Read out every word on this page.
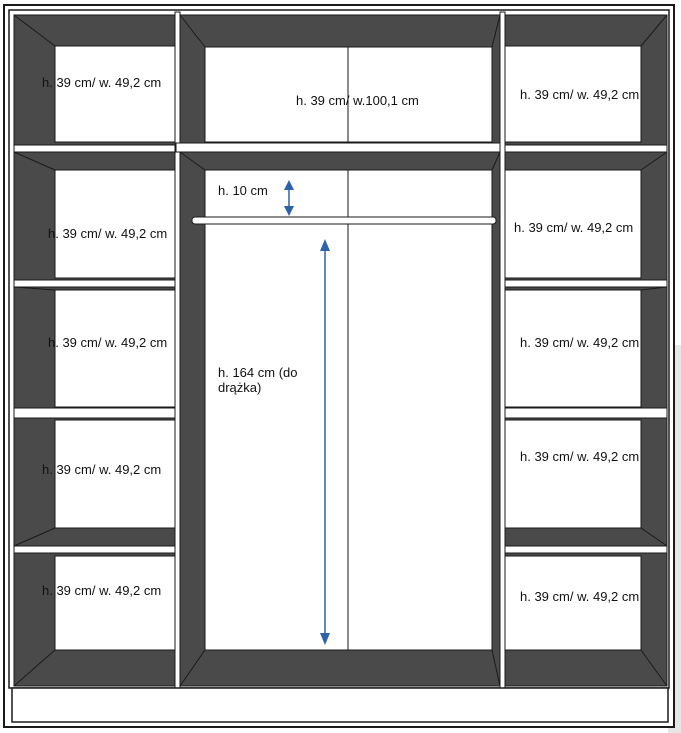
h. 39 cm/ w. 49,2 cm
h. 39 cm/ w. 49,2 cm
h. 39 cm/ w. 49,2 cm
h. 39 cm/ w. 49,2 cm
h. 39 cm/ w. 49,2 cm
h. 39 cm/ w.100,1 cm
h. 10 cm
h. 164 cm (do drążka)
h. 39 cm/ w. 49,2 cm
h. 39 cm/ w. 49,2 cm
h. 39 cm/ w. 49,2 cm
h. 39 cm/ w. 49,2 cm
h. 39 cm/ w. 49,2 cm
